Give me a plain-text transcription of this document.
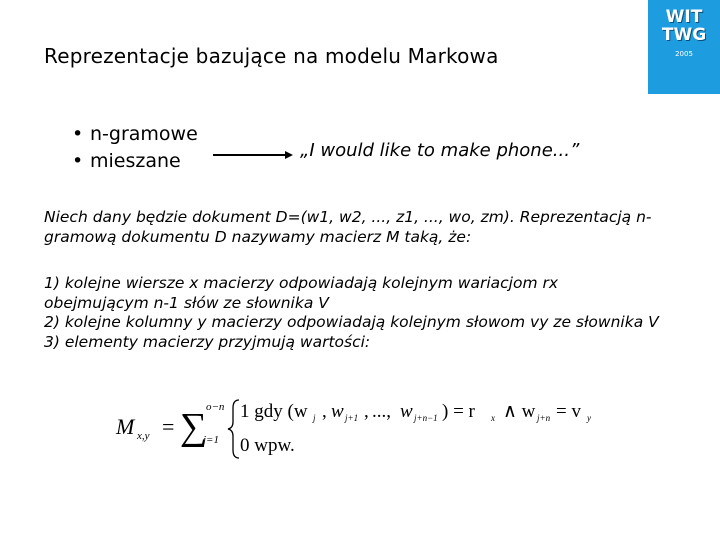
WIT
TWG
2005
Reprezentacje bazujące na modelu Markowa
• n-gramowe
• mieszane	„I would like to make phone...”
Niech dany będzie dokument D=(w1, w2, ..., z1, ..., wo, zm). Reprezentacją n-gramową dokumentu D nazywamy macierz M taką, że:
1) kolejne wiersze x macierzy odpowiadają kolejnym wariacjom rx
obejmującym n-1 słów ze słownika V
2) kolejne kolumny y macierzy odpowiadają kolejnym słowom vy ze słownika V
3) elementy macierzy przyjmują wartości:
M x,y = ∑
o−n
j=1
1 gdy (w j , w j+1 , ..., w j+n−1 ) = r x ∧ w j+n = v y
0 wpw.
